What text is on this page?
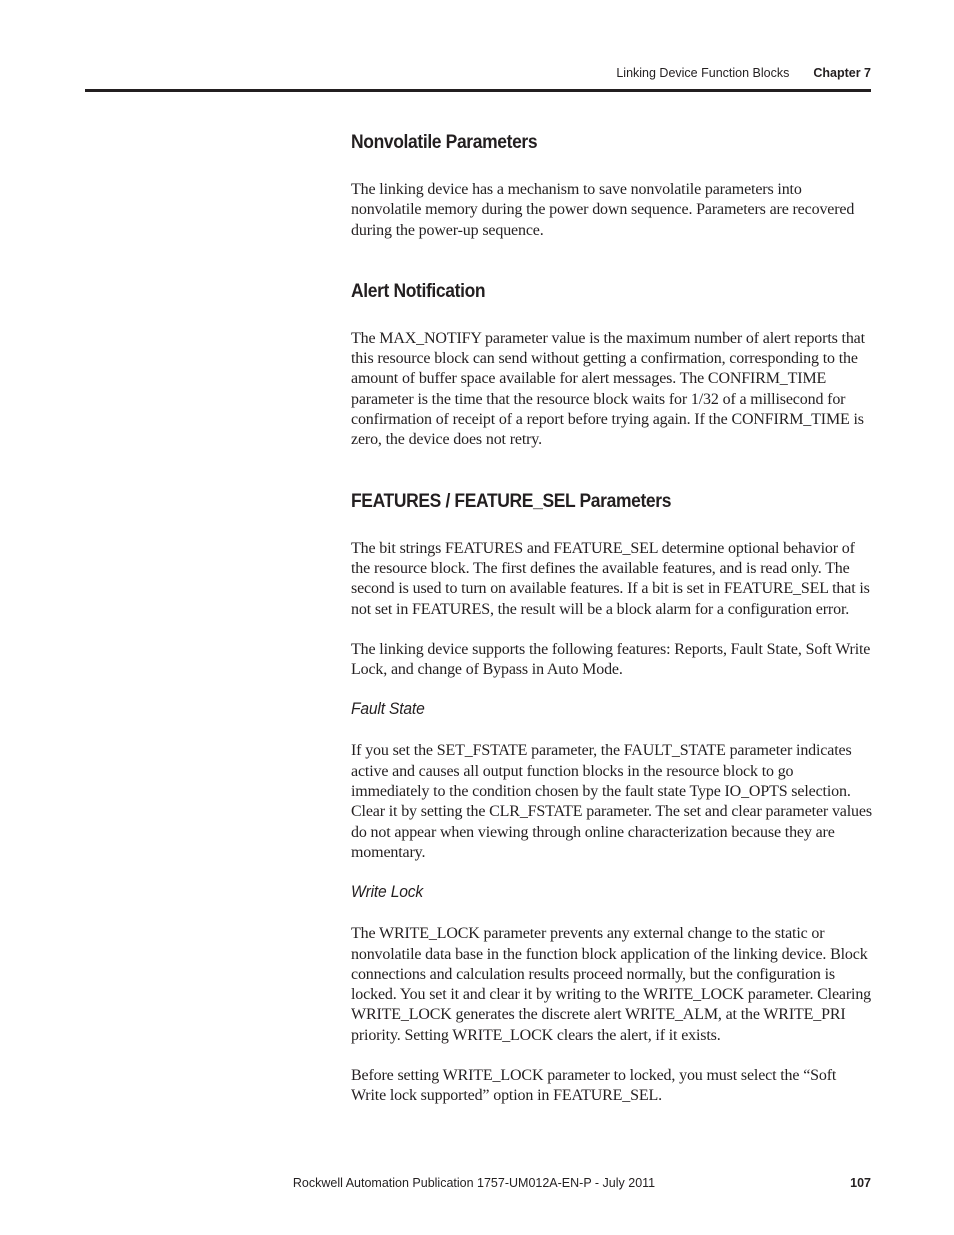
Linking Device Function Blocks Chapter 7
Nonvolatile Parameters

The linking device has a mechanism to save nonvolatile parameters into nonvolatile memory during the power down sequence. Parameters are recovered during the power-up sequence.

Alert Notification

The MAX_NOTIFY parameter value is the maximum number of alert reports that this resource block can send without getting a confirmation, corresponding to the amount of buffer space available for alert messages. The CONFIRM_TIME parameter is the time that the resource block waits for 1/32 of a millisecond for confirmation of receipt of a report before trying again. If the CONFIRM_TIME is zero, the device does not retry.

FEATURES / FEATURE_SEL Parameters

The bit strings FEATURES and FEATURE_SEL determine optional behavior of the resource block. The first defines the available features, and is read only. The second is used to turn on available features. If a bit is set in FEATURE_SEL that is not set in FEATURES, the result will be a block alarm for a configuration error.

The linking device supports the following features: Reports, Fault State, Soft Write Lock, and change of Bypass in Auto Mode.

Fault State

If you set the SET_FSTATE parameter, the FAULT_STATE parameter indicates active and causes all output function blocks in the resource block to go immediately to the condition chosen by the fault state Type IO_OPTS selection. Clear it by setting the CLR_FSTATE parameter. The set and clear parameter values do not appear when viewing through online characterization because they are momentary.

Write Lock

The WRITE_LOCK parameter prevents any external change to the static or nonvolatile data base in the function block application of the linking device. Block connections and calculation results proceed normally, but the configuration is locked. You set it and clear it by writing to the WRITE_LOCK parameter. Clearing WRITE_LOCK generates the discrete alert WRITE_ALM, at the WRITE_PRI priority. Setting WRITE_LOCK clears the alert, if it exists.

Before setting WRITE_LOCK parameter to locked, you must select the “Soft Write lock supported” option in FEATURE_SEL.

Rockwell Automation Publication 1757-UM012A-EN-P - July 2011	107
